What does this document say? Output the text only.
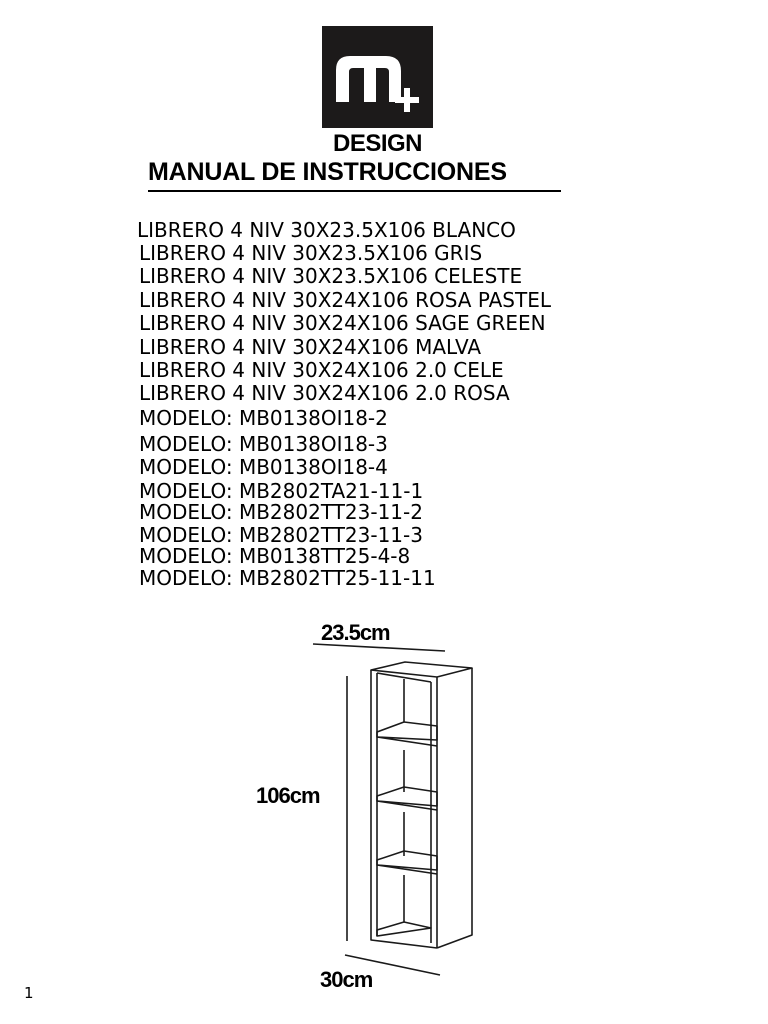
DESIGN
MANUAL DE INSTRUCCIONES
LIBRERO 4 NIV 30X23.5X106 BLANCO
LIBRERO 4 NIV 30X23.5X106 GRIS
LIBRERO 4 NIV 30X23.5X106 CELESTE
LIBRERO 4 NIV 30X24X106 ROSA PASTEL
LIBRERO 4 NIV 30X24X106 SAGE GREEN
LIBRERO 4 NIV 30X24X106 MALVA
LIBRERO 4 NIV 30X24X106 2.0 CELE
LIBRERO 4 NIV 30X24X106 2.0 ROSA
MODELO: MB0138OI18-2
MODELO: MB0138OI18-3
MODELO: MB0138OI18-4
MODELO: MB2802TA21-11-1
MODELO: MB2802TT23-11-2
MODELO: MB2802TT23-11-3
MODELO: MB0138TT25-4-8
MODELO: MB2802TT25-11-11
23.5cm
106cm
30cm
1
